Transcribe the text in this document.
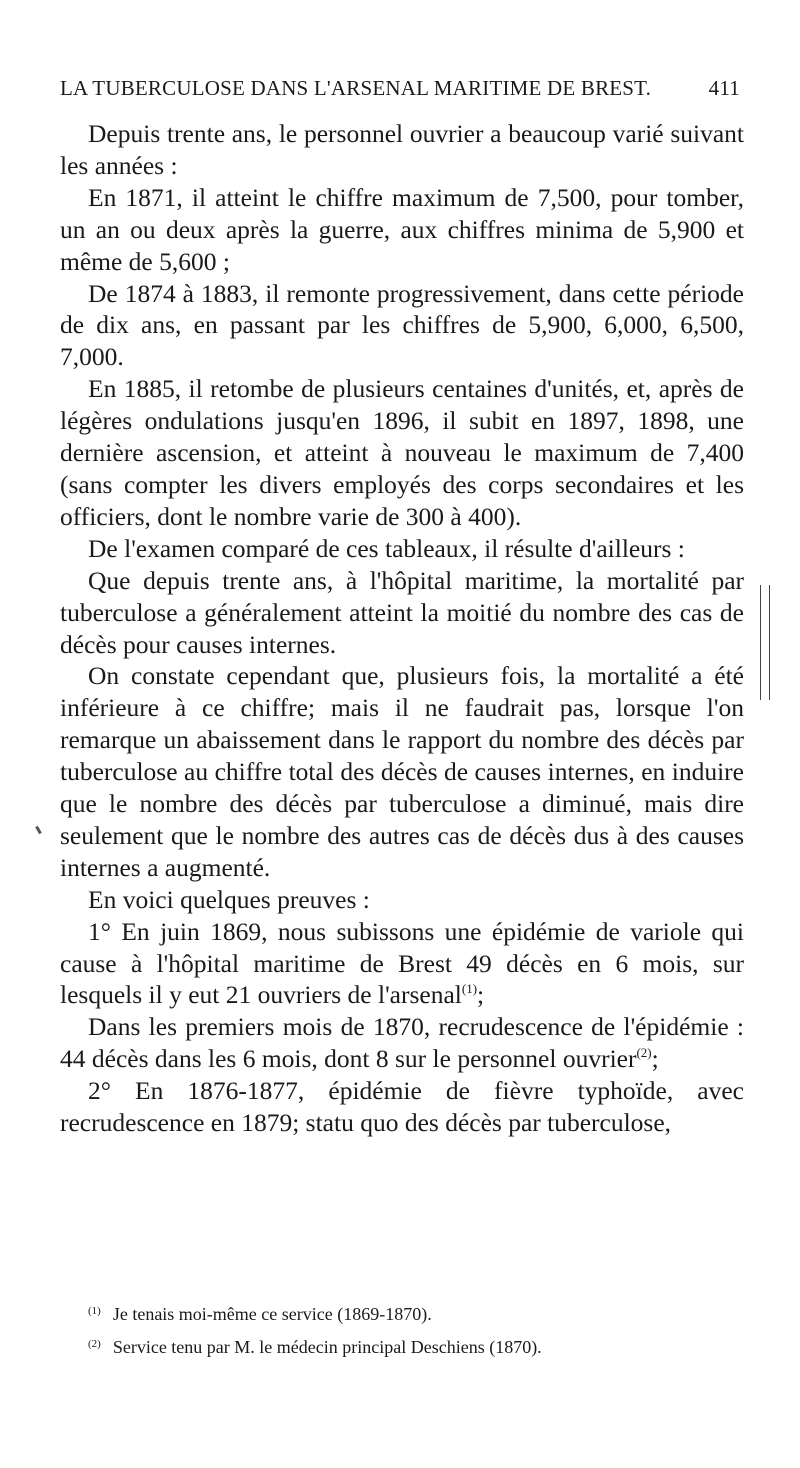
LA TUBERCULOSE DANS L'ARSENAL MARITIME DE BREST.	411

Depuis trente ans, le personnel ouvrier a beaucoup varié suivant les années :

En 1871, il atteint le chiffre maximum de 7,500, pour tomber, un an ou deux après la guerre, aux chiffres minima de 5,900 et même de 5,600 ;

De 1874 à 1883, il remonte progressivement, dans cette période de dix ans, en passant par les chiffres de 5,900, 6,000, 6,500, 7,000.

En 1885, il retombe de plusieurs centaines d'unités, et, après de légères ondulations jusqu'en 1896, il subit en 1897, 1898, une dernière ascension, et atteint à nouveau le maximum de 7,400 (sans compter les divers employés des corps secondaires et les officiers, dont le nombre varie de 300 à 400).

De l'examen comparé de ces tableaux, il résulte d'ailleurs :

Que depuis trente ans, à l'hôpital maritime, la mortalité par tuberculose a généralement atteint la moitié du nombre des cas de décès pour causes internes.

On constate cependant que, plusieurs fois, la mortalité a été inférieure à ce chiffre; mais il ne faudrait pas, lorsque l'on remarque un abaissement dans le rapport du nombre des décès par tuberculose au chiffre total des décès de causes internes, en induire que le nombre des décès par tuberculose a diminué, mais dire seulement que le nombre des autres cas de décès dus à des causes internes a augmenté.

En voici quelques preuves :

1° En juin 1869, nous subissons une épidémie de variole qui cause à l'hôpital maritime de Brest 49 décès en 6 mois, sur lesquels il y eut 21 ouvriers de l'arsenal$^{(1)}$;

Dans les premiers mois de 1870, recrudescence de l'épidémie : 44 décès dans les 6 mois, dont 8 sur le personnel ouvrier$^{(2)}$;

2° En 1876-1877, épidémie de fièvre typhoïde, avec recrudescence en 1879; statu quo des décès par tuberculose,

$^{(1)}$ Je tenais moi-même ce service (1869-1870).
$^{(2)}$ Service tenu par M. le médecin principal Deschiens (1870).
